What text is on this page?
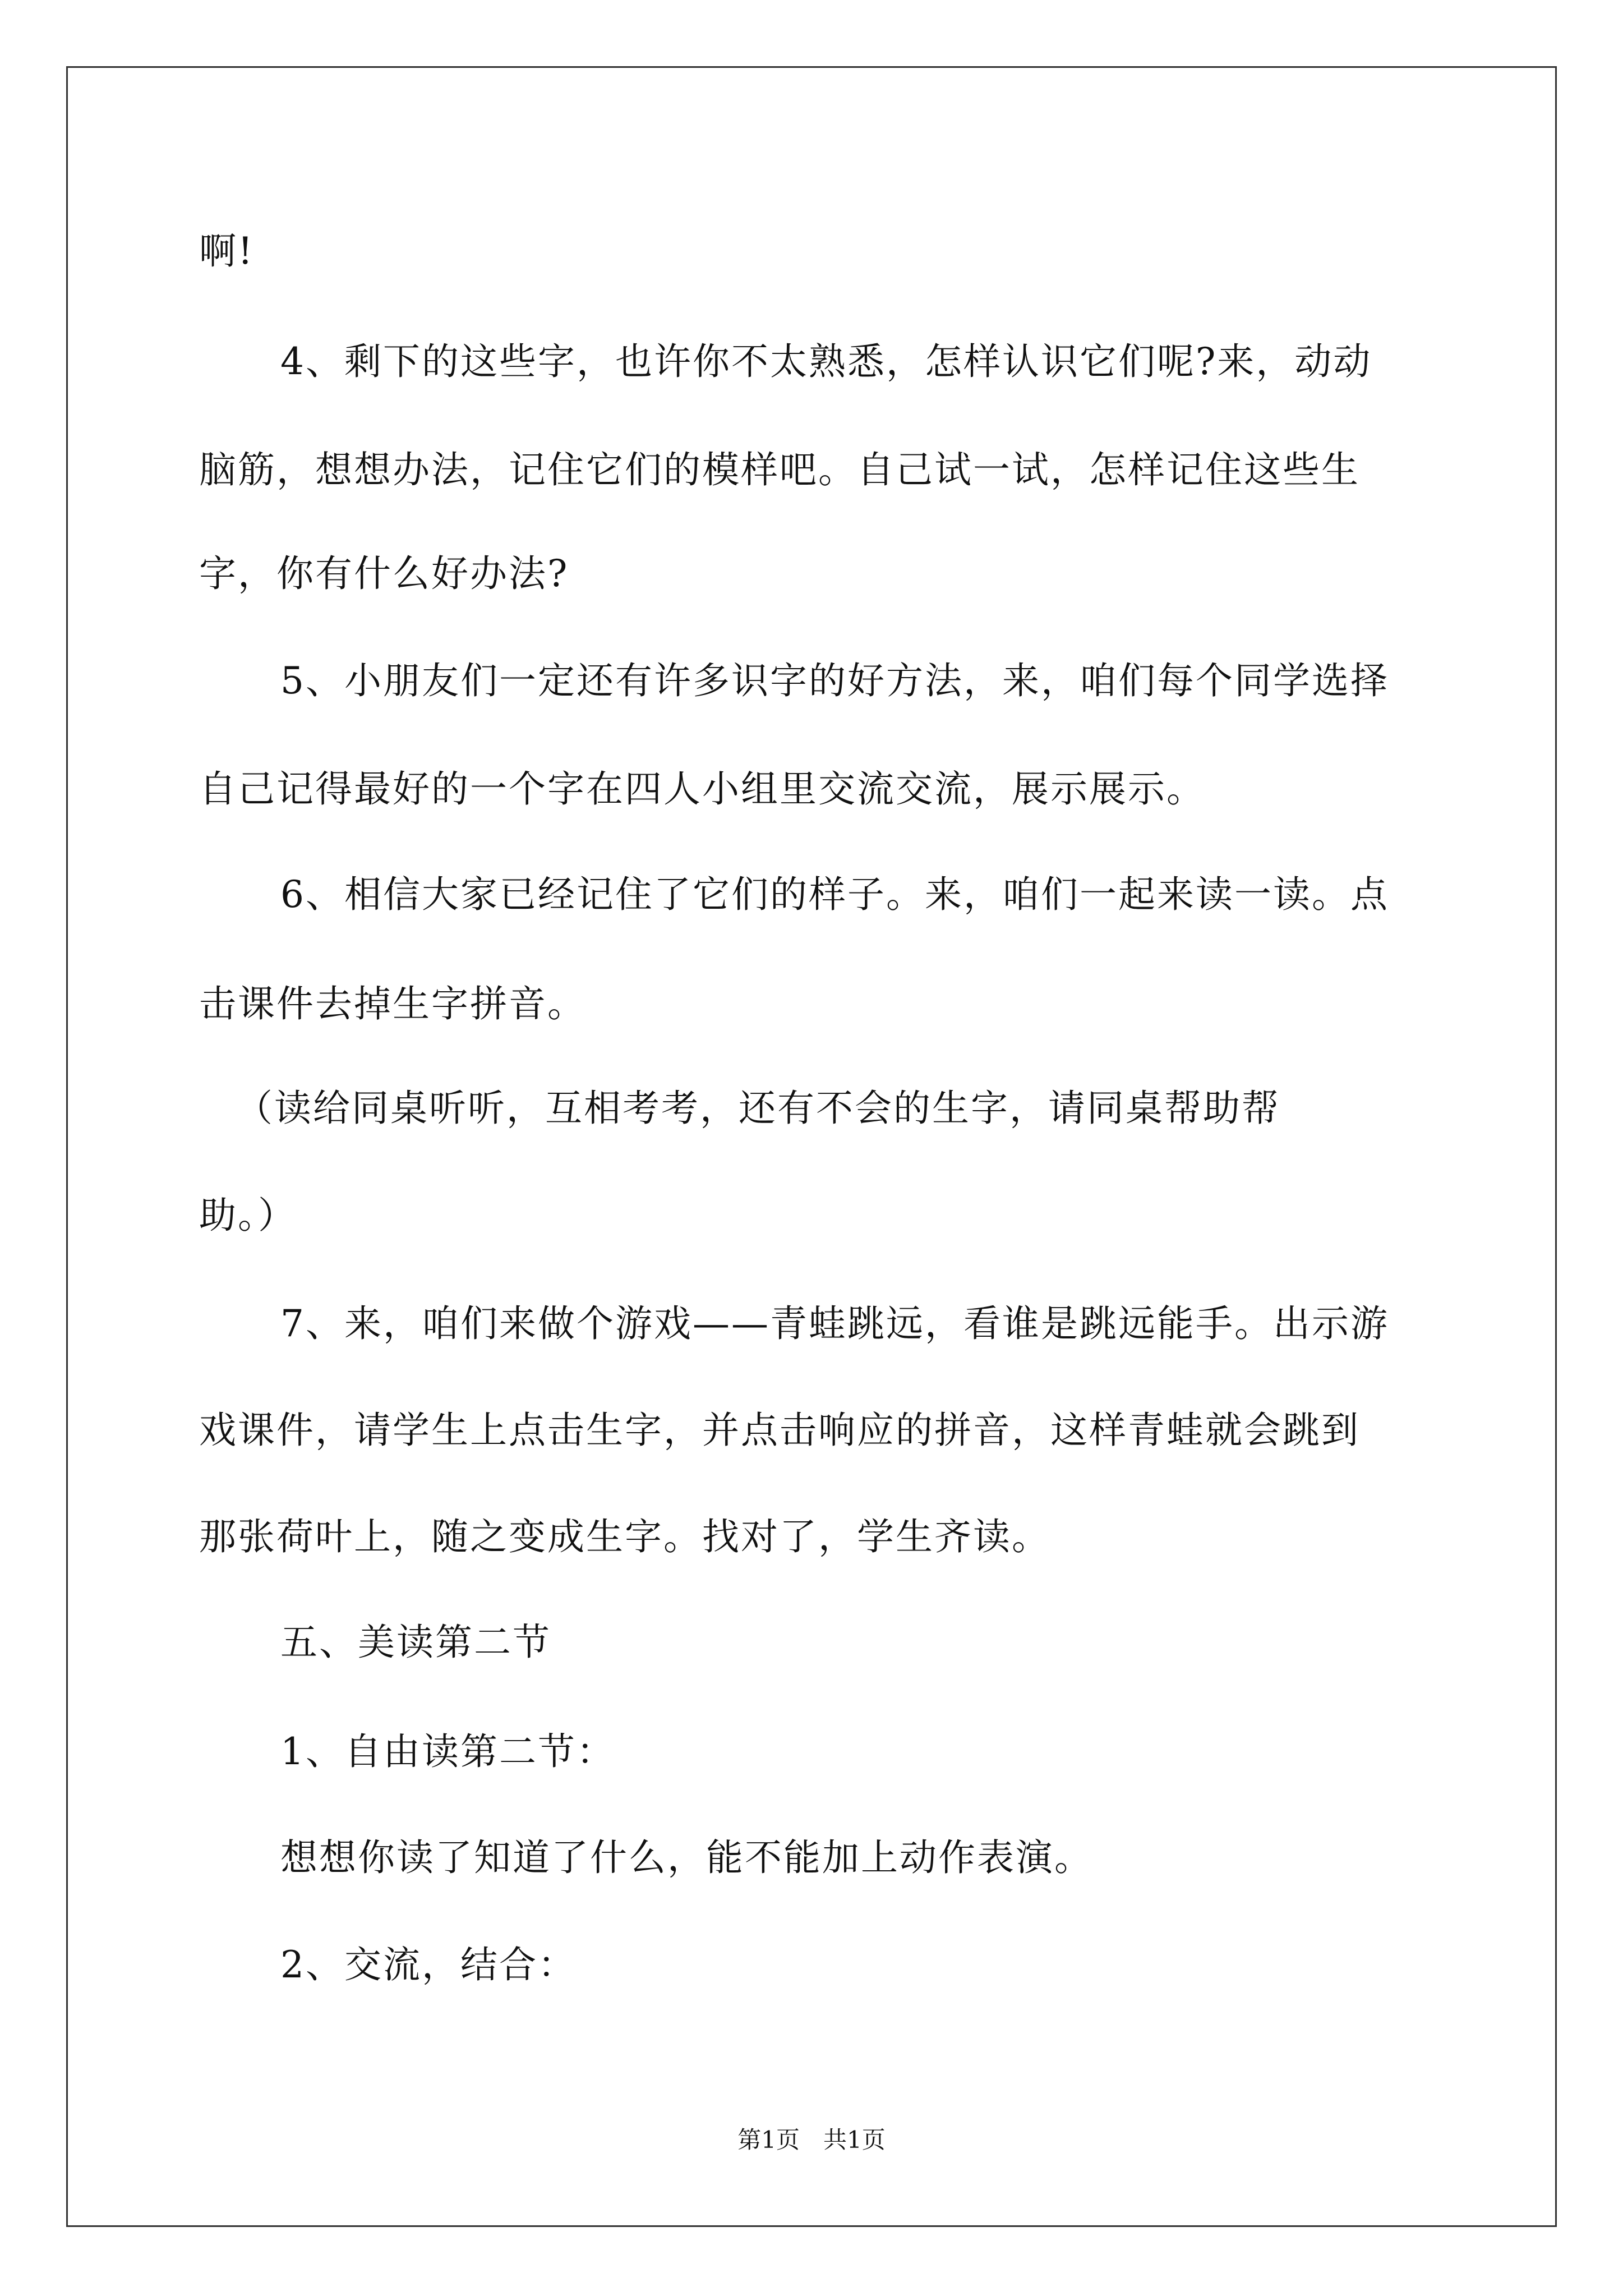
啊!
4、剩下的这些字，也许你不太熟悉，怎样认识它们呢?来，动动
脑筋，想想办法，记住它们的模样吧。自己试一试，怎样记住这些生
字，你有什么好办法?
5、小朋友们一定还有许多识字的好方法，来，咱们每个同学选择
自己记得最好的一个字在四人小组里交流交流，展示展示。
6、相信大家已经记住了它们的样子。来，咱们一起来读一读。点
击课件去掉生字拼音。
（读给同桌听听，互相考考，还有不会的生字，请同桌帮助帮
助。）
7、来，咱们来做个游戏——青蛙跳远，看谁是跳远能手。出示游
戏课件，请学生上点击生字，并点击响应的拼音，这样青蛙就会跳到
那张荷叶上，随之变成生字。找对了，学生齐读。
五、美读第二节
1、自由读第二节：
想想你读了知道了什么，能不能加上动作表演。
2、交流，结合：
第1页　共1页
